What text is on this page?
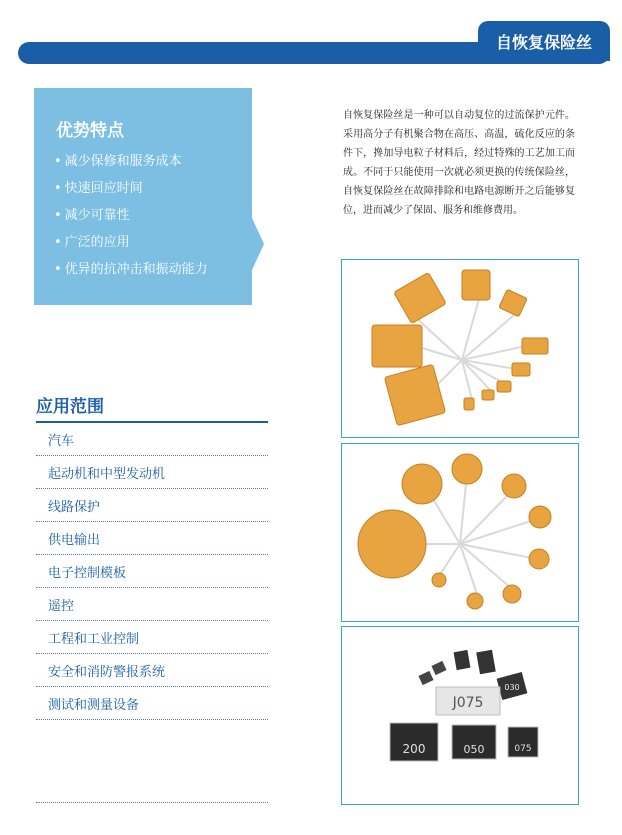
自恢复保险丝
优势特点
• 减少保修和服务成本
• 快速回应时间
• 减少可靠性
• 广泛的应用
• 优异的抗冲击和振动能力
自恢复保险丝是一种可以自动复位的过流保护元件。采用高分子有机聚合物在高压、高温，硫化反应的条件下，搀加导电粒子材料后，经过特殊的工艺加工而成。不同于只能使用一次就必须更换的传统保险丝，自恢复保险丝在故障排除和电路电源断开之后能够复位，进而减少了保固、服务和维修费用。
应用范围
汽车
起动机和中型发动机
线路保护
供电输出
电子控制模板
遥控
工程和工业控制
安全和消防警报系统
测试和测量设备	J075
030
200	050	075
